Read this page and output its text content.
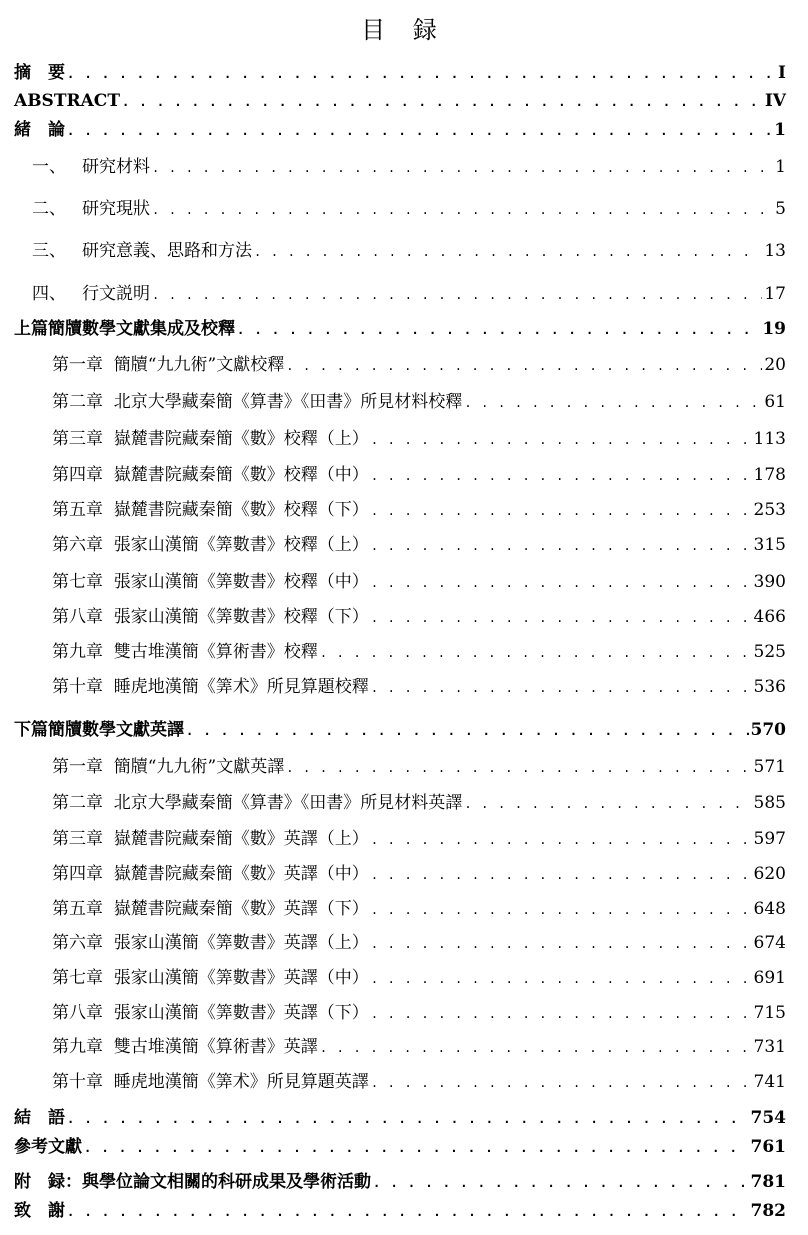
目 録
摘　要 . . .	I
ABSTRACT . . .	IV
緒　論 . . .	1
一、 研究材料 . . .	1
二、 研究現狀 . . .	5
三、 研究意義、思路和方法 . . .	13
四、 行文説明 . . .	17
上篇簡牘數學文獻集成及校釋 . . .	19
第一章  簡牘“九九術”文獻校釋 . . .	20
第二章  北京大學藏秦簡《算書》《田書》所見材料校釋 . . .	61
第三章  嶽麓書院藏秦簡《數》校釋（上） . . .	113
第四章  嶽麓書院藏秦簡《數》校釋（中） . . .	178
第五章  嶽麓書院藏秦簡《數》校釋（下） . . .	253
第六章  張家山漢簡《筭數書》校釋（上） . . .	315
第七章  張家山漢簡《筭數書》校釋（中） . . .	390
第八章  張家山漢簡《筭數書》校釋（下） . . .	466
第九章  雙古堆漢簡《算術書》校釋 . . .	525
第十章  睡虎地漢簡《筭术》所見算題校釋 . . .	536
下篇簡牘數學文獻英譯 . . .	570
第一章  簡牘“九九術”文獻英譯 . . .	571
第二章  北京大學藏秦簡《算書》《田書》所見材料英譯 . . .	585
第三章  嶽麓書院藏秦簡《數》英譯（上） . . .	597
第四章  嶽麓書院藏秦簡《數》英譯（中） . . .	620
第五章  嶽麓書院藏秦簡《數》英譯（下） . . .	648
第六章  張家山漢簡《筭數書》英譯（上） . . .	674
第七章  張家山漢簡《筭數書》英譯（中） . . .	691
第八章  張家山漢簡《筭數書》英譯（下） . . .	715
第九章  雙古堆漢簡《算術書》英譯 . . .	731
第十章  睡虎地漢簡《筭术》所見算題英譯 . . .	741
結　語 . . .	754
參考文獻 . . .	761
附　録：與學位論文相關的科研成果及學術活動 . . .	781
致　謝 . . .	782
